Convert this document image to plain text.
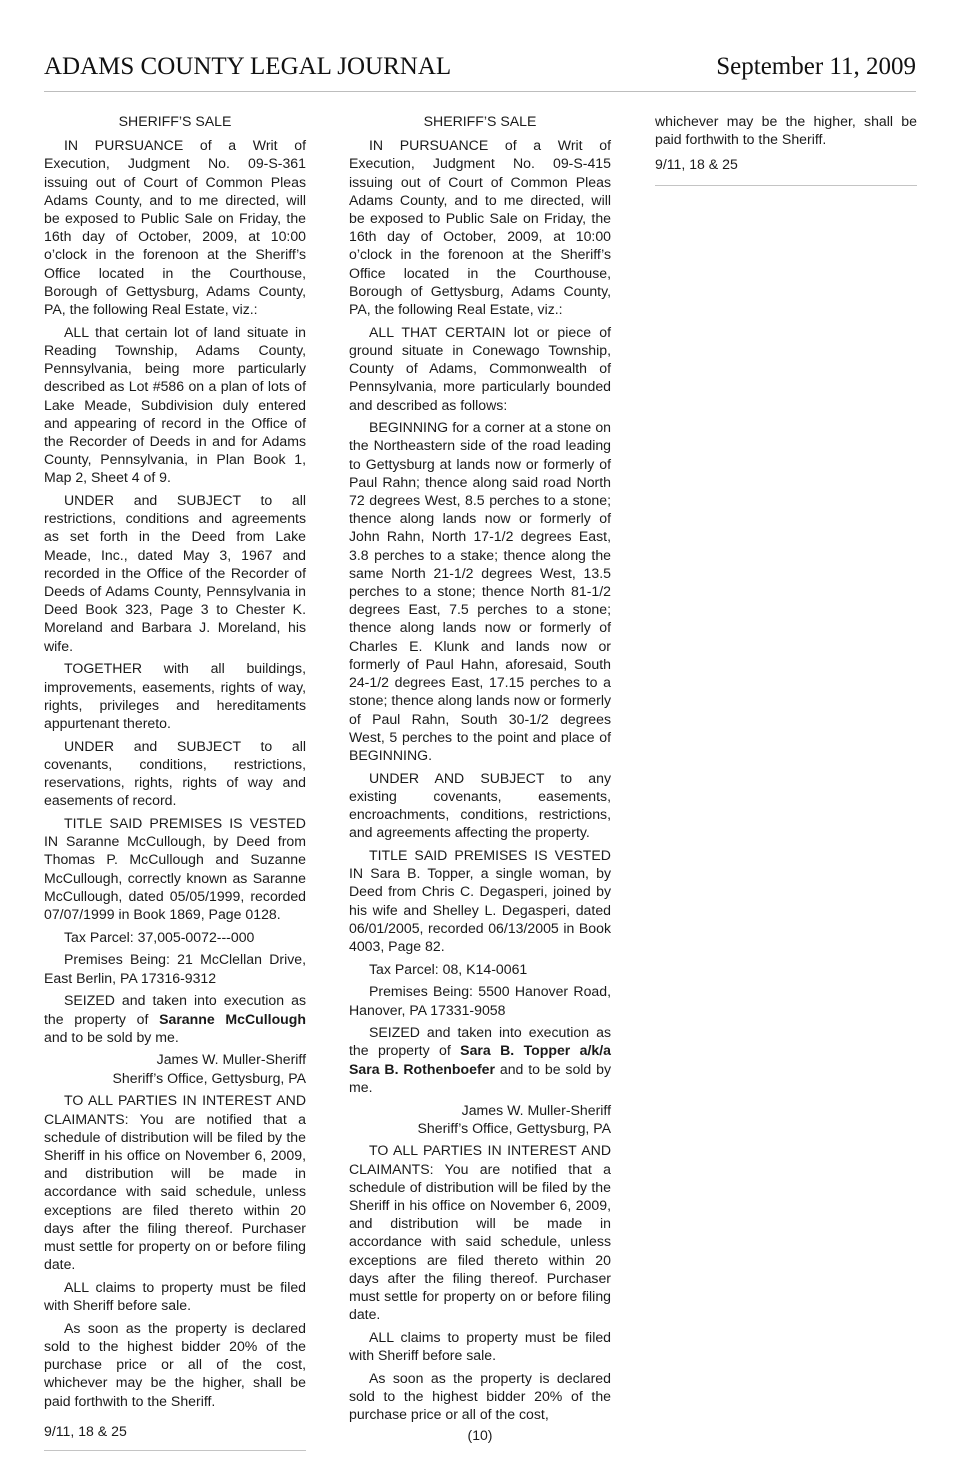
ADAMS COUNTY LEGAL JOURNAL	September 11, 2009
SHERIFF’S SALE

IN PURSUANCE of a Writ of Execution, Judgment No. 09-S-361 issuing out of Court of Common Pleas Adams County, and to me directed, will be exposed to Public Sale on Friday, the 16th day of October, 2009, at 10:00 o’clock in the forenoon at the Sheriff’s Office located in the Courthouse, Borough of Gettysburg, Adams County, PA, the following Real Estate, viz.:

ALL that certain lot of land situate in Reading Township, Adams County, Pennsylvania, being more particularly described as Lot #586 on a plan of lots of Lake Meade, Subdivision duly entered and appearing of record in the Office of the Recorder of Deeds in and for Adams County, Pennsylvania, in Plan Book 1, Map 2, Sheet 4 of 9.

UNDER and SUBJECT to all restrictions, conditions and agreements as set forth in the Deed from Lake Meade, Inc., dated May 3, 1967 and recorded in the Office of the Recorder of Deeds of Adams County, Pennsylvania in Deed Book 323, Page 3 to Chester K. Moreland and Barbara J. Moreland, his wife.

TOGETHER with all buildings, improvements, easements, rights of way, rights, privileges and hereditaments appurtenant thereto.

UNDER and SUBJECT to all covenants, conditions, restrictions, reservations, rights, rights of way and easements of record.

TITLE SAID PREMISES IS VESTED IN Saranne McCullough, by Deed from Thomas P. McCullough and Suzanne McCullough, correctly known as Saranne McCullough, dated 05/05/1999, recorded 07/07/1999 in Book 1869, Page 0128.

Tax Parcel: 37,005-0072---000

Premises Being: 21 McClellan Drive, East Berlin, PA 17316-9312

SEIZED and taken into execution as the property of Saranne McCullough and to be sold by me.

James W. Muller-Sheriff

Sheriff’s Office, Gettysburg, PA

TO ALL PARTIES IN INTEREST AND CLAIMANTS: You are notified that a schedule of distribution will be filed by the Sheriff in his office on November 6, 2009, and distribution will be made in accordance with said schedule, unless exceptions are filed thereto within 20 days after the filing thereof. Purchaser must settle for property on or before filing date.

ALL claims to property must be filed with Sheriff before sale.

As soon as the property is declared sold to the highest bidder 20% of the purchase price or all of the cost, whichever may be the higher, shall be paid forthwith to the Sheriff.

9/11, 18 & 25

SHERIFF’S SALE

IN PURSUANCE of a Writ of Execution, Judgment No. 09-S-415 issuing out of Court of Common Pleas Adams County, and to me directed, will be exposed to Public Sale on Friday, the 16th day of October, 2009, at 10:00 o’clock in the forenoon at the Sheriff’s Office located in the Courthouse, Borough of Gettysburg, Adams County, PA, the following Real Estate, viz.:

ALL THAT CERTAIN lot or piece of ground situate in Conewago Township, County of Adams, Commonwealth of Pennsylvania, more particularly bounded and described as follows:

BEGINNING for a corner at a stone on the Northeastern side of the road leading to Gettysburg at lands now or formerly of Paul Rahn; thence along said road North 72 degrees West, 8.5 perches to a stone; thence along lands now or formerly of John Rahn, North 17-1/2 degrees East, 3.8 perches to a stake; thence along the same North 21-1/2 degrees West, 13.5 perches to a stone; thence North 81-1/2 degrees East, 7.5 perches to a stone; thence along lands now or formerly of Charles E. Klunk and lands now or formerly of Paul Hahn, aforesaid, South 24-1/2 degrees East, 17.15 perches to a stone; thence along lands now or formerly of Paul Rahn, South 30-1/2 degrees West, 5 perches to the point and place of BEGINNING.

UNDER AND SUBJECT to any existing covenants, easements, encroachments, conditions, restrictions, and agreements affecting the property.

TITLE SAID PREMISES IS VESTED IN Sara B. Topper, a single woman, by Deed from Chris C. Degasperi, joined by his wife and Shelley L. Degasperi, dated 06/01/2005, recorded 06/13/2005 in Book 4003, Page 82.

Tax Parcel: 08, K14-0061

Premises Being: 5500 Hanover Road, Hanover, PA 17331-9058

SEIZED and taken into execution as the property of Sara B. Topper a/k/a Sara B. Rothenboefer and to be sold by me.

James W. Muller-Sheriff

Sheriff’s Office, Gettysburg, PA

TO ALL PARTIES IN INTEREST AND CLAIMANTS: You are notified that a schedule of distribution will be filed by the Sheriff in his office on November 6, 2009, and distribution will be made in accordance with said schedule, unless exceptions are filed thereto within 20 days after the filing thereof. Purchaser must settle for property on or before filing date.

ALL claims to property must be filed with Sheriff before sale.

As soon as the property is declared sold to the highest bidder 20% of the purchase price or all of the cost,

whichever may be the higher, shall be paid forthwith to the Sheriff.

9/11, 18 & 25

(10)
